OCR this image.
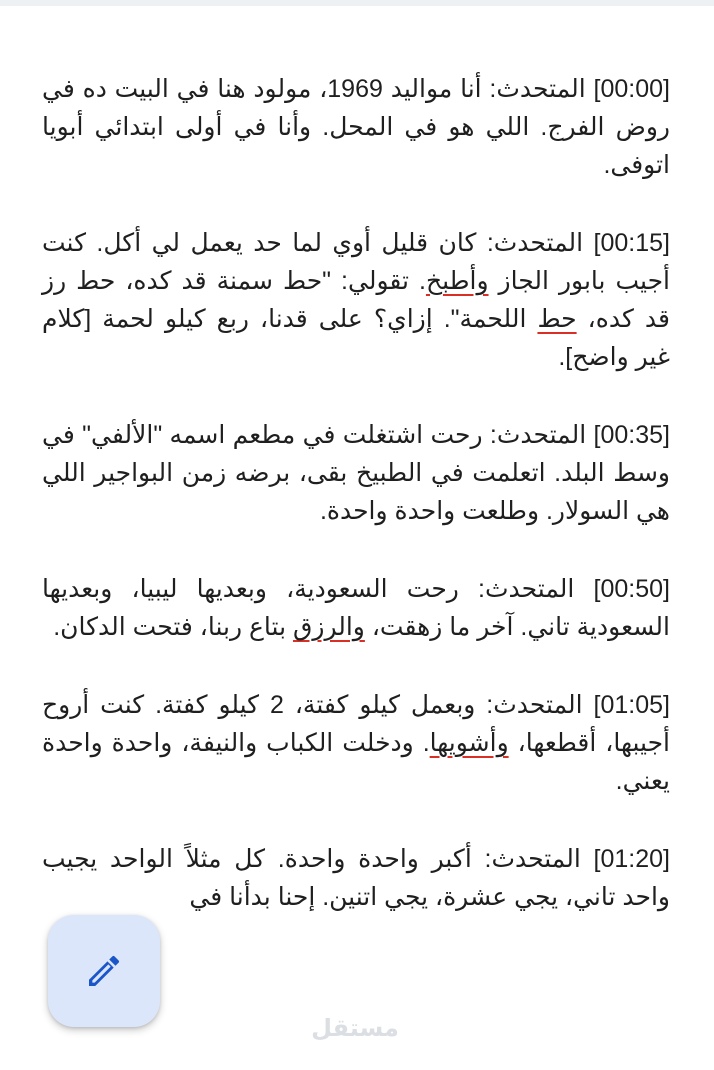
[00:00] المتحدث: أنا مواليد 1969، مولود هنا في البيت ده في روض الفرج. اللي هو في المحل. وأنا في أولى ابتدائي أبويا اتوفى.

[00:15] المتحدث: كان قليل أوي لما حد يعمل لي أكل. كنت أجيب بابور الجاز وأطبخ. تقولي: "حط سمنة قد كده، حط رز قد كده، حط اللحمة". إزاي؟ على قدنا، ربع كيلو لحمة [كلام غير واضح].

[00:35] المتحدث: رحت اشتغلت في مطعم اسمه "الألفي" في وسط البلد. اتعلمت في الطبيخ بقى، برضه زمن البواجير اللي هي السولار. وطلعت واحدة واحدة.

[00:50] المتحدث: رحت السعودية، وبعديها ليبيا، وبعديها السعودية تاني. آخر ما زهقت، والرزق بتاع ربنا، فتحت الدكان.

[01:05] المتحدث: وبعمل كيلو كفتة، 2 كيلو كفتة. كنت أروح أجيبها، أقطعها، وأشويها. ودخلت الكباب والنيفة، واحدة واحدة يعني.

[01:20] المتحدث: أكبر واحدة واحدة. كل مثلاً الواحد يجيب واحد تاني، يجي عشرة، يجي اتنين. إحنا بدأنا في

مستقل
